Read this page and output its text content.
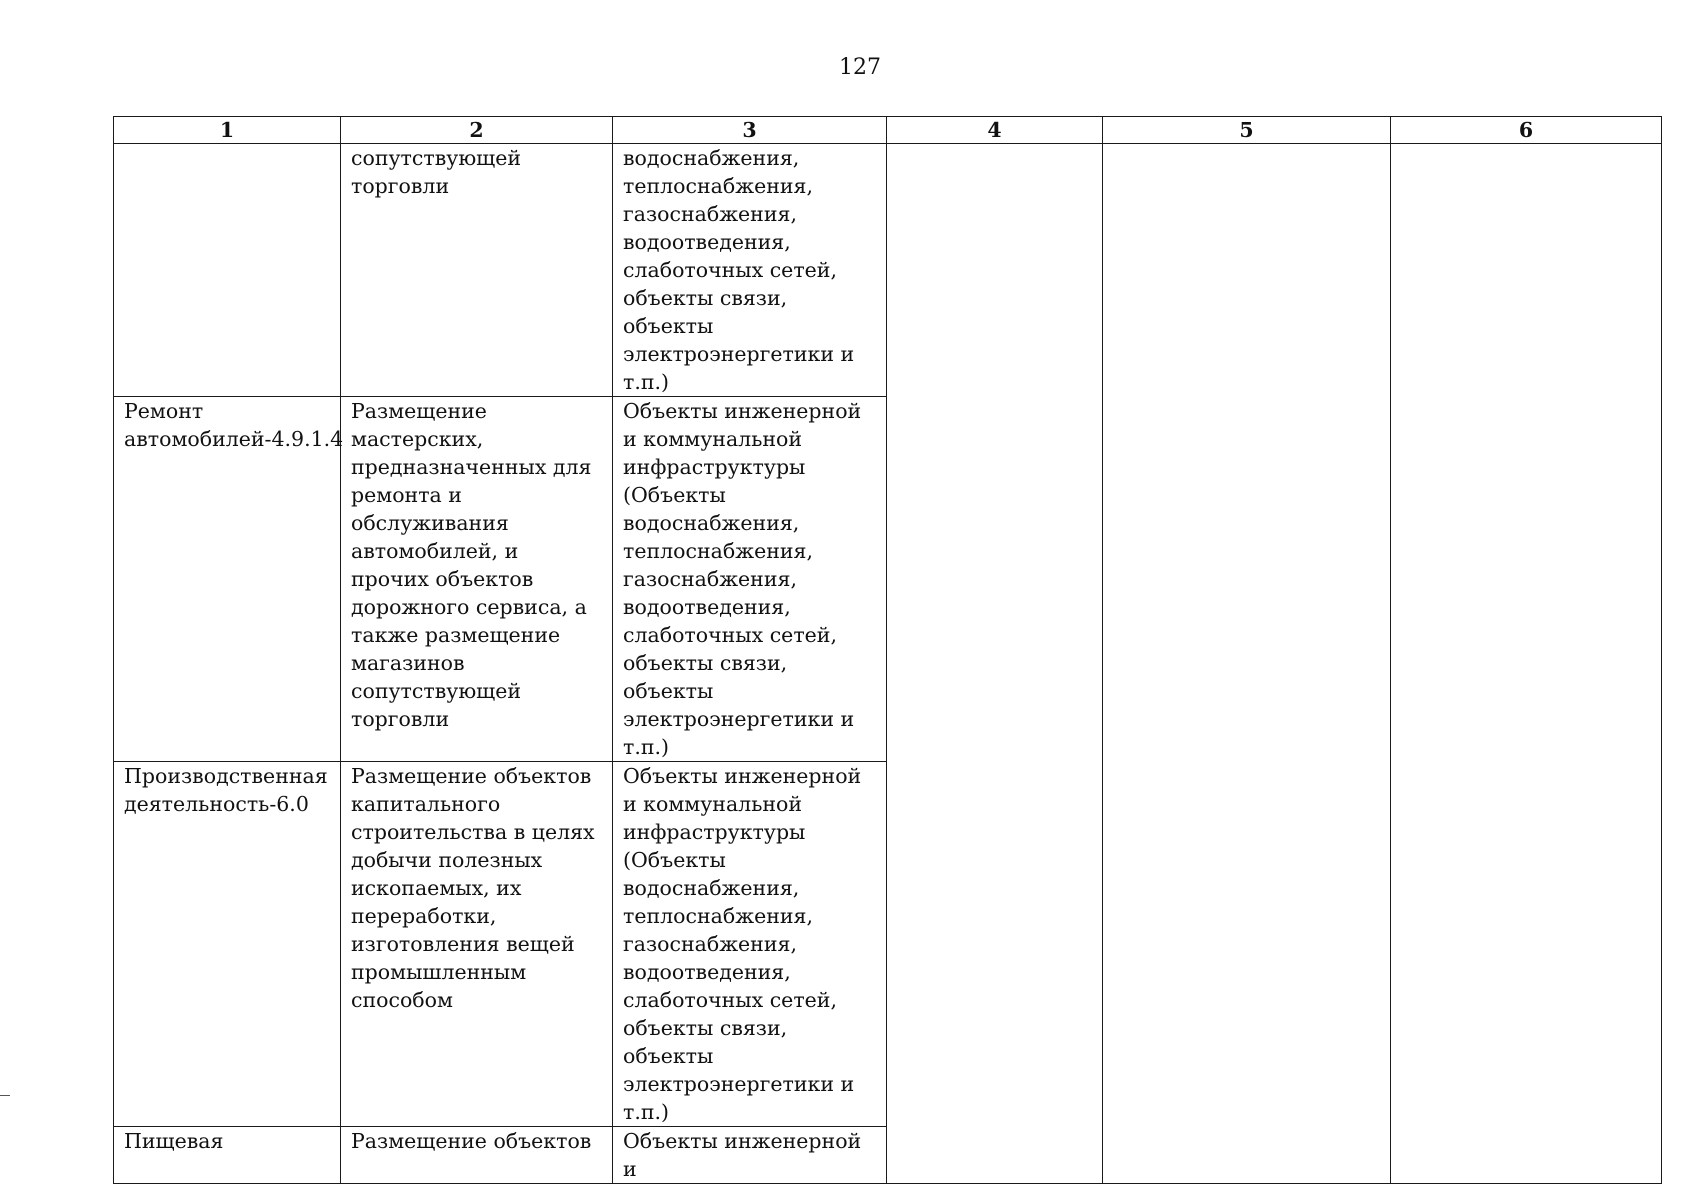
127
1	2	3	4	5	6
	сопутствующей торговли	водоснабжения, теплоснабжения, газоснабжения, водоотведения, слаботочных сетей, объекты связи, объекты электроэнергетики и т.п.)			
Ремонт автомобилей-4.9.1.4	Размещение мастерских, предназначенных для ремонта и обслуживания автомобилей, и прочих объектов дорожного сервиса, а также размещение магазинов сопутствующей торговли	Объекты инженерной и коммунальной инфраструктуры (Объекты водоснабжения, теплоснабжения, газоснабжения, водоотведения, слаботочных сетей, объекты связи, объекты электроэнергетики и т.п.)			
Производственная деятельность-6.0	Размещение объектов капитального строительства в целях добычи полезных ископаемых, их переработки, изготовления вещей промышленным способом	Объекты инженерной и коммунальной инфраструктуры (Объекты водоснабжения, теплоснабжения, газоснабжения, водоотведения, слаботочных сетей, объекты связи, объекты электроэнергетики и т.п.)			
Пищевая	Размещение объектов	Объекты инженерной и			
